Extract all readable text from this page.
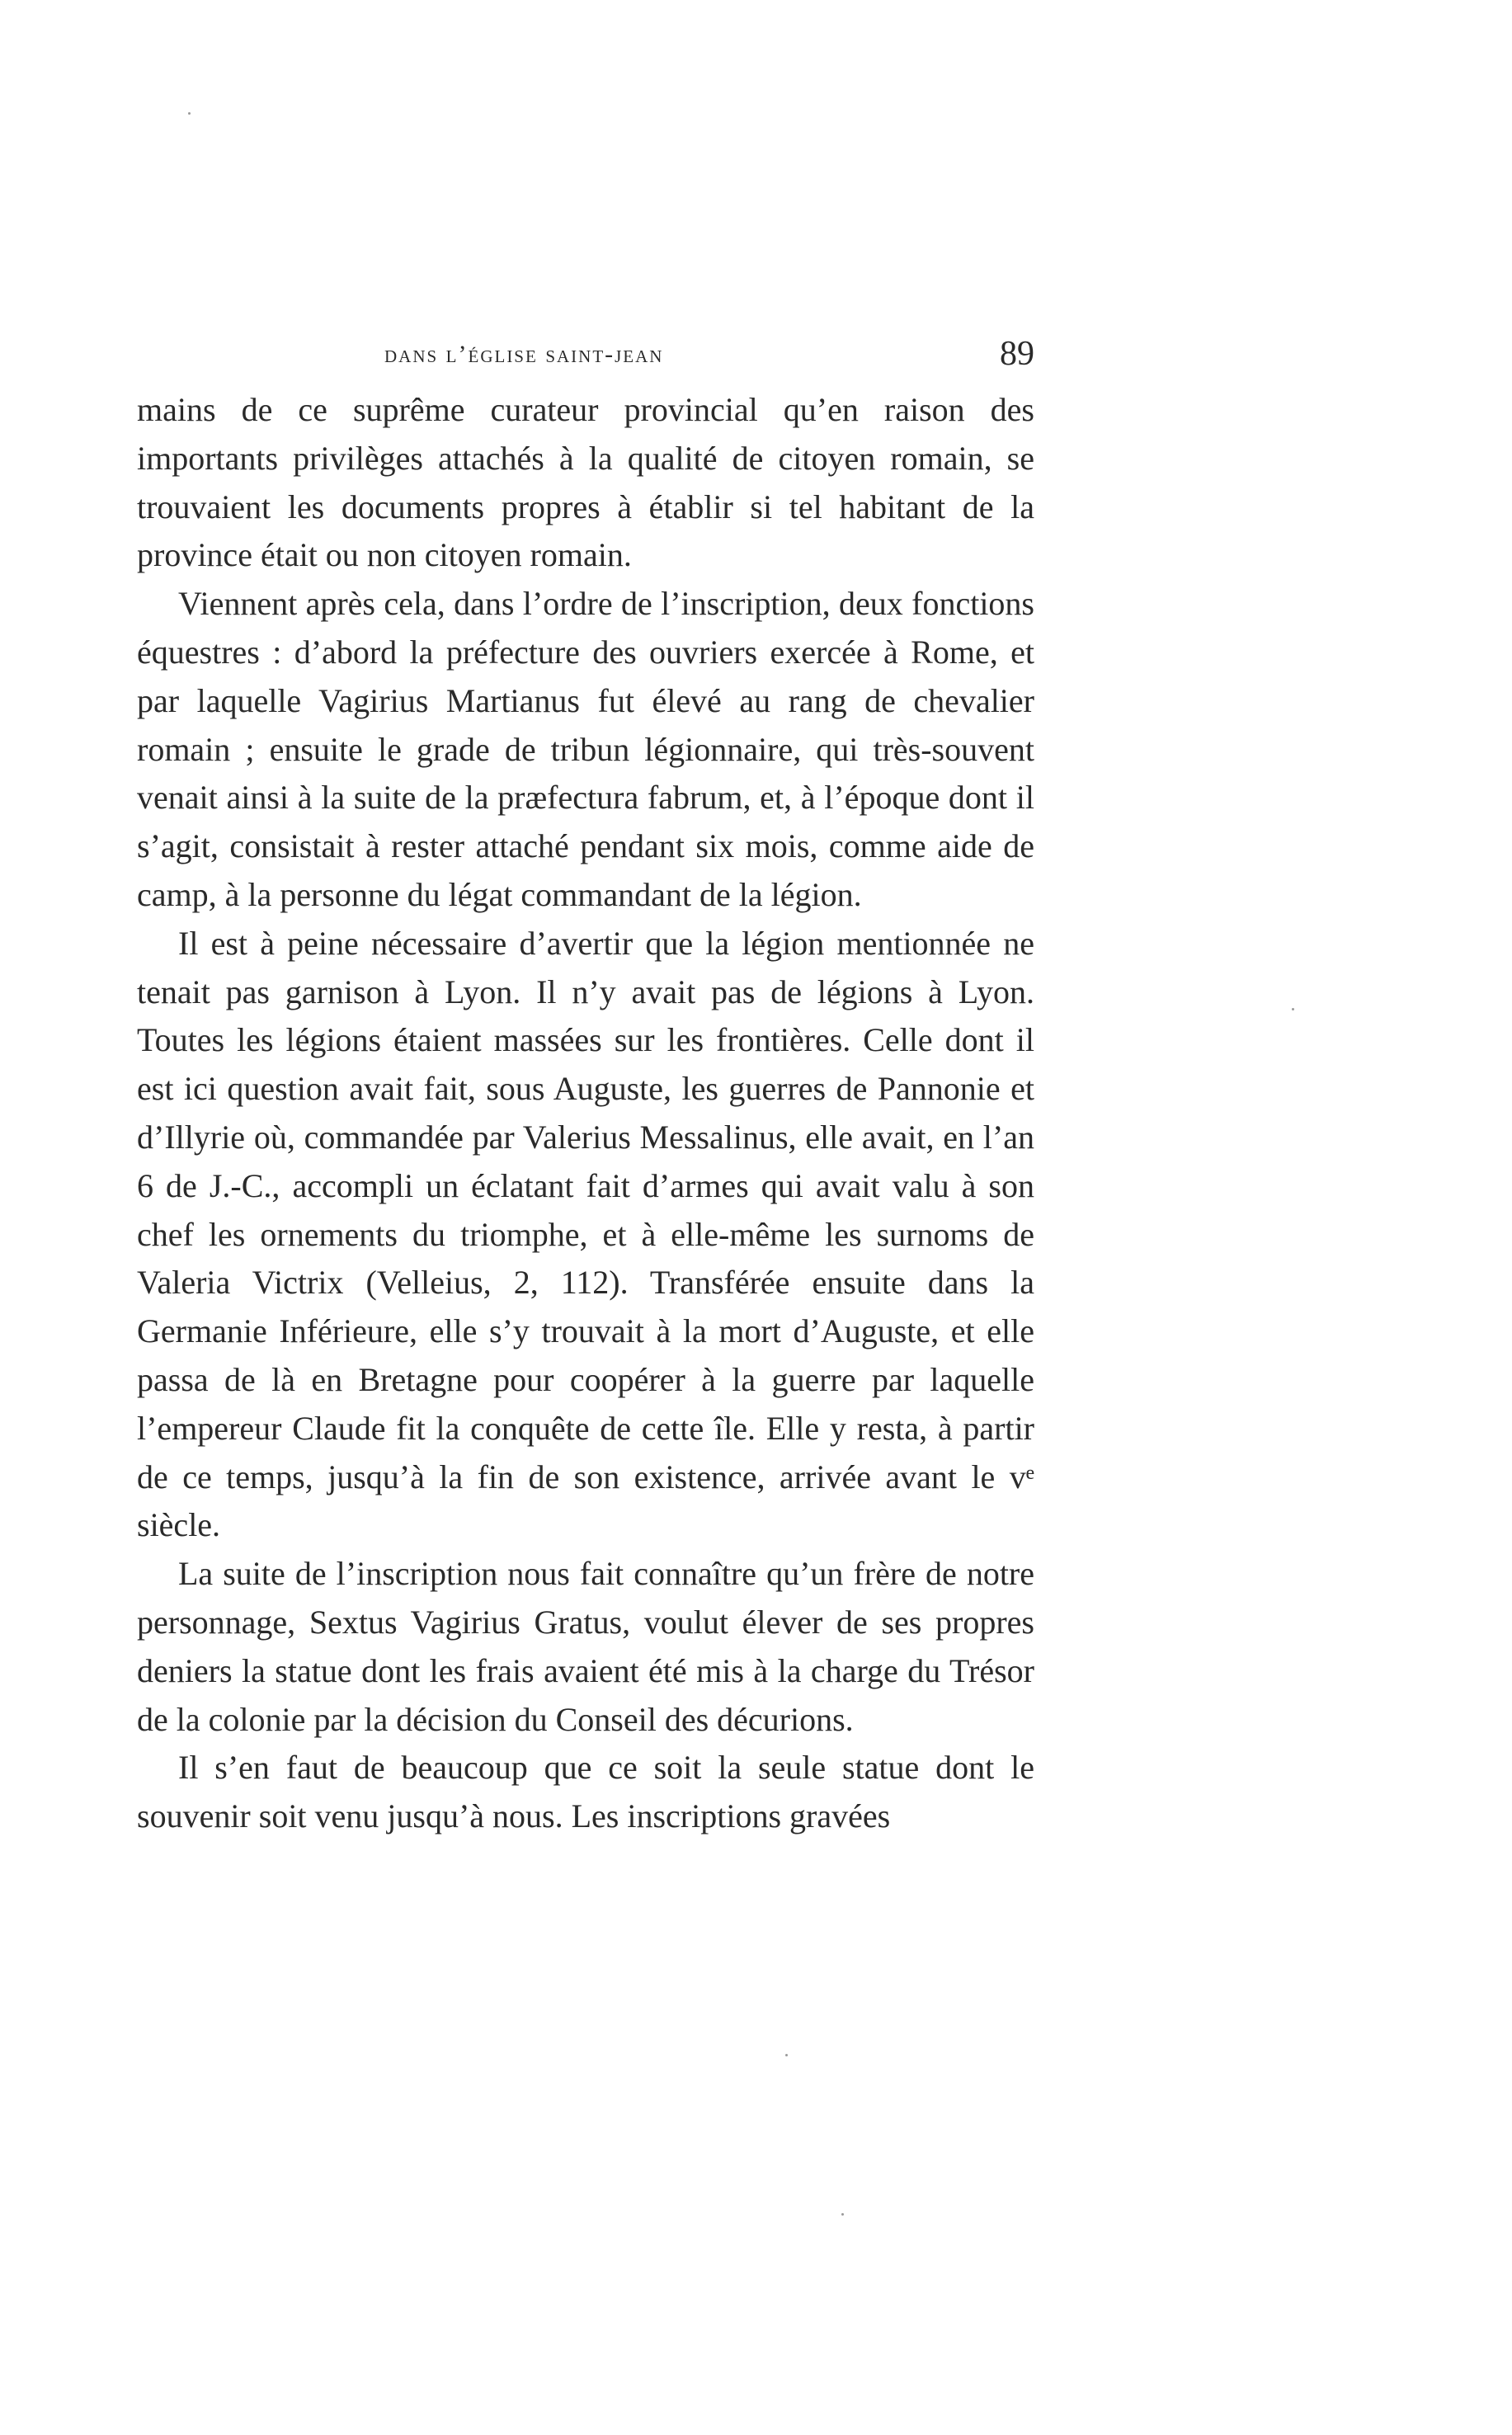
dans l’église saint-jean	89

mains de ce suprême curateur provincial qu’en raison des importants privilèges attachés à la qualité de citoyen romain, se trouvaient les documents propres à établir si tel habitant de la province était ou non citoyen romain.

Viennent après cela, dans l’ordre de l’inscription, deux fonctions équestres : d’abord la préfecture des ouvriers exercée à Rome, et par laquelle Vagirius Martianus fut élevé au rang de chevalier romain ; ensuite le grade de tribun légionnaire, qui très-souvent venait ainsi à la suite de la præfectura fabrum, et, à l’époque dont il s’agit, consistait à rester attaché pendant six mois, comme aide de camp, à la personne du légat commandant de la légion.

Il est à peine nécessaire d’avertir que la légion mentionnée ne tenait pas garnison à Lyon. Il n’y avait pas de légions à Lyon. Toutes les légions étaient massées sur les frontières. Celle dont il est ici question avait fait, sous Auguste, les guerres de Pannonie et d’Illyrie où, commandée par Valerius Messalinus, elle avait, en l’an 6 de J.-C., accompli un éclatant fait d’armes qui avait valu à son chef les ornements du triomphe, et à elle-même les surnoms de Valeria Victrix (Velleius, 2, 112). Transférée ensuite dans la Germanie Inférieure, elle s’y trouvait à la mort d’Auguste, et elle passa de là en Bretagne pour coopérer à la guerre par laquelle l’empereur Claude fit la conquête de cette île. Elle y resta, à partir de ce temps, jusqu’à la fin de son existence, arrivée avant le vᵉ siècle.

La suite de l’inscription nous fait connaître qu’un frère de notre personnage, Sextus Vagirius Gratus, voulut élever de ses propres deniers la statue dont les frais avaient été mis à la charge du Trésor de la colonie par la décision du Conseil des décurions.

Il s’en faut de beaucoup que ce soit la seule statue dont le souvenir soit venu jusqu’à nous. Les inscriptions gravées
